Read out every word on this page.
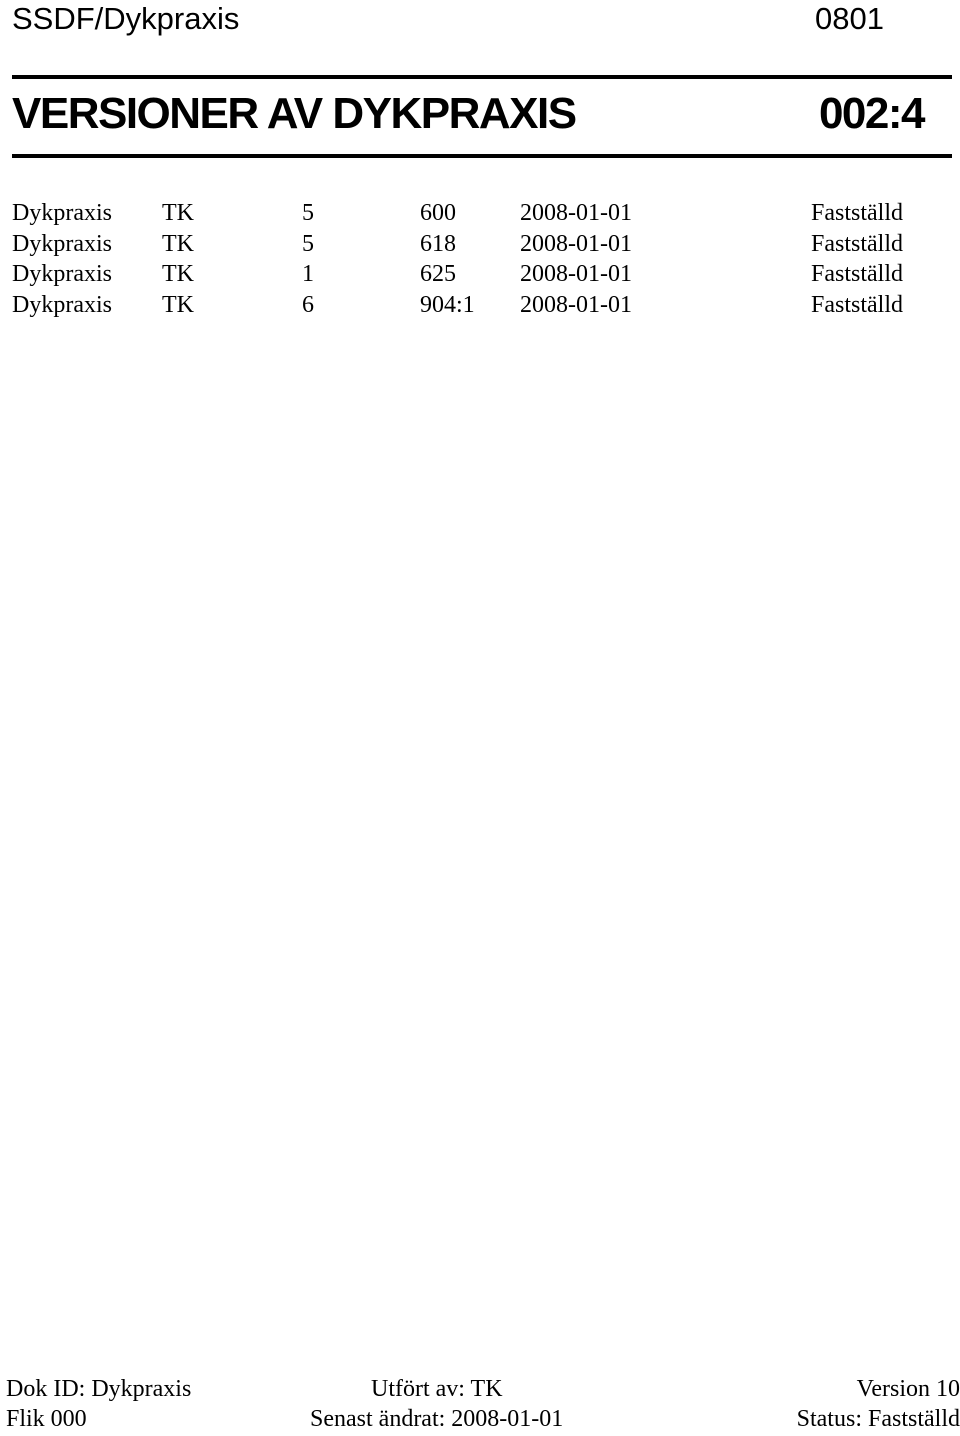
SSDF/Dykpraxis	0801
VERSIONER AV DYKPRAXIS	002:4
Dykpraxis TK	5	600	2008-01-01	Fastställd
Dykpraxis TK	5	618	2008-01-01	Fastställd
Dykpraxis TK	1	625	2008-01-01	Fastställd
Dykpraxis TK	6	904:1 2008-01-01	Fastställd
Dok ID: Dykpraxis	Utfört av: TK	Version 10
Flik 000	Senast ändrat: 2008-01-01	Status: Fastställd
